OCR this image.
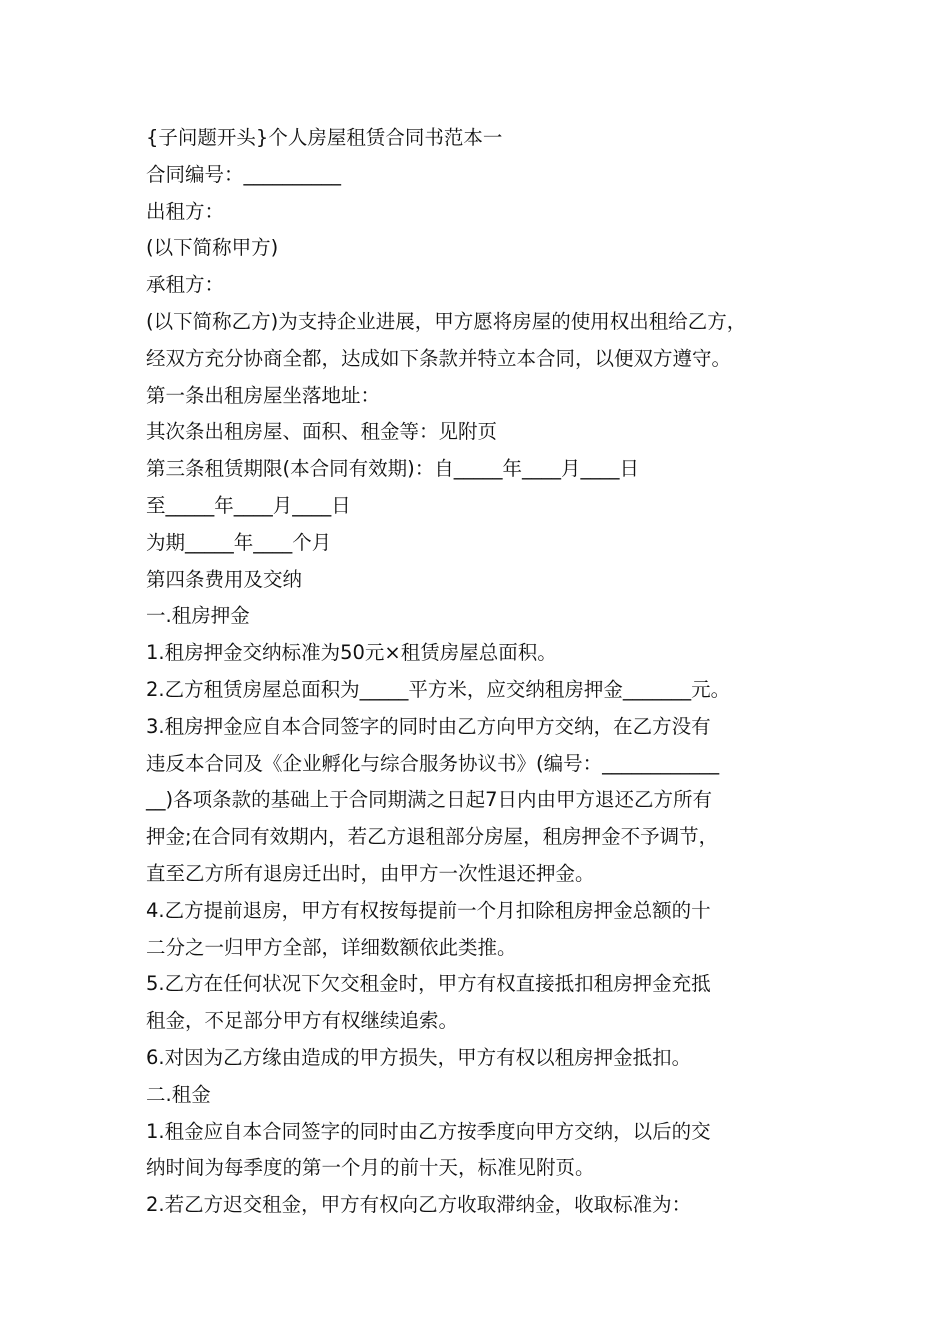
{子问题开头}个人房屋租赁合同书范本一
合同编号：__________
出租方：
(以下简称甲方)
承租方：
(以下简称乙方)为支持企业进展，甲方愿将房屋的使用权出租给乙方，
经双方充分协商全都，达成如下条款并特立本合同，以便双方遵守。
第一条出租房屋坐落地址：
其次条出租房屋、面积、租金等：见附页
第三条租赁期限(本合同有效期)：自_____年____月____日
至_____年____月____日
为期_____年____个月
第四条费用及交纳
一.租房押金
1.租房押金交纳标准为50元×租赁房屋总面积。
2.乙方租赁房屋总面积为_____平方米，应交纳租房押金_______元。
3.租房押金应自本合同签字的同时由乙方向甲方交纳，在乙方没有
违反本合同及《企业孵化与综合服务协议书》(编号：____________
__)各项条款的基础上于合同期满之日起7日内由甲方退还乙方所有
押金;在合同有效期内，若乙方退租部分房屋，租房押金不予调节，
直至乙方所有退房迁出时，由甲方一次性退还押金。
4.乙方提前退房，甲方有权按每提前一个月扣除租房押金总额的十
二分之一归甲方全部，详细数额依此类推。
5.乙方在任何状况下欠交租金时，甲方有权直接抵扣租房押金充抵
租金，不足部分甲方有权继续追索。
6.对因为乙方缘由造成的甲方损失，甲方有权以租房押金抵扣。
二.租金
1.租金应自本合同签字的同时由乙方按季度向甲方交纳，以后的交
纳时间为每季度的第一个月的前十天，标准见附页。
2.若乙方迟交租金，甲方有权向乙方收取滞纳金，收取标准为：
